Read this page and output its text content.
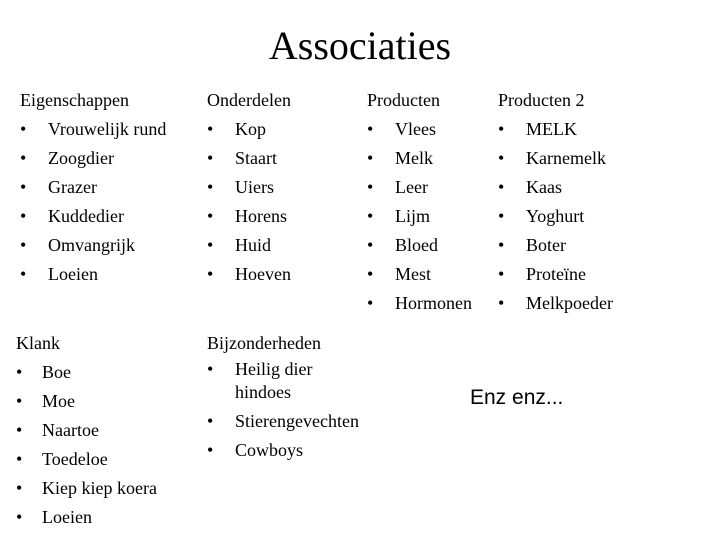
Associaties
Eigenschappen
• Vrouwelijk rund
• Zoogdier
• Grazer
• Kuddedier
• Omvangrijk
• Loeien
Onderdelen
• Kop
• Staart
• Uiers
• Horens
• Huid
• Hoeven
Producten
• Vlees
• Melk
• Leer
• Lijm
• Bloed
• Mest
• Hormonen
Producten 2
• MELK
• Karnemelk
• Kaas
• Yoghurt
• Boter
• Proteïne
• Melkpoeder
Klank
• Boe
• Moe
• Naartoe
• Toedeloe
• Kiep kiep koera
• Loeien
Bijzonderheden
• Heilig dier
hindoes
• Stierengevechten
• Cowboys
Enz enz...
